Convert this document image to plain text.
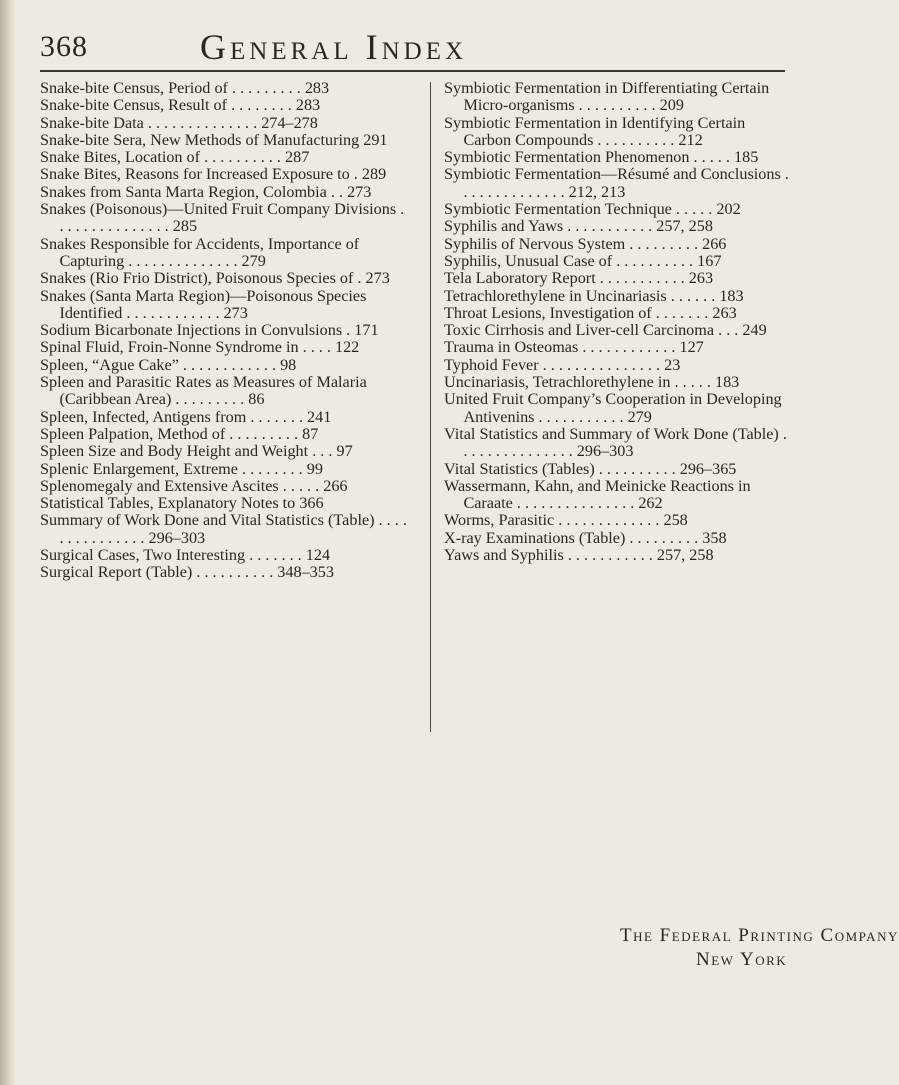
368	General Index

Snake-bite Census, Period of . . . . . . . . . 283

Snake-bite Census, Result of . . . . . . . . 283

Snake-bite Data . . . . . . . . . . . . . . 274–278

Snake-bite Sera, New Methods of Manufacturing 291

Snake Bites, Location of . . . . . . . . . . 287

Snake Bites, Reasons for Increased Exposure to . 289

Snakes from Santa Marta Region, Colombia . . 273

Snakes (Poisonous)—United Fruit Company Divisions . . . . . . . . . . . . . . . 285

Snakes Responsible for Accidents, Importance of Capturing . . . . . . . . . . . . . . 279

Snakes (Rio Frio District), Poisonous Species of . 273

Snakes (Santa Marta Region)—Poisonous Species Identified . . . . . . . . . . . . 273

Sodium Bicarbonate Injections in Convulsions . 171

Spinal Fluid, Froin-Nonne Syndrome in . . . . 122

Spleen, “Ague Cake” . . . . . . . . . . . . 98

Spleen and Parasitic Rates as Measures of Malaria (Caribbean Area) . . . . . . . . . 86

Spleen, Infected, Antigens from . . . . . . . 241

Spleen Palpation, Method of . . . . . . . . . 87

Spleen Size and Body Height and Weight . . . 97

Splenic Enlargement, Extreme . . . . . . . . 99

Splenomegaly and Extensive Ascites . . . . . 266

Statistical Tables, Explanatory Notes to 366

Summary of Work Done and Vital Statistics (Table) . . . . . . . . . . . . . . . 296–303

Surgical Cases, Two Interesting . . . . . . . 124

Surgical Report (Table) . . . . . . . . . . 348–353

Symbiotic Fermentation in Differentiating Certain Micro-organisms . . . . . . . . . . 209

Symbiotic Fermentation in Identifying Certain Carbon Compounds . . . . . . . . . . 212

Symbiotic Fermentation Phenomenon . . . . . 185

Symbiotic Fermentation—Résumé and Conclusions . . . . . . . . . . . . . . 212, 213

Symbiotic Fermentation Technique . . . . . 202

Syphilis and Yaws . . . . . . . . . . . 257, 258

Syphilis of Nervous System . . . . . . . . . 266

Syphilis, Unusual Case of . . . . . . . . . . 167

Tela Laboratory Report . . . . . . . . . . . 263

Tetrachlorethylene in Uncinariasis . . . . . . 183

Throat Lesions, Investigation of . . . . . . . 263

Toxic Cirrhosis and Liver-cell Carcinoma . . . 249

Trauma in Osteomas . . . . . . . . . . . . 127

Typhoid Fever . . . . . . . . . . . . . . . 23

Uncinariasis, Tetrachlorethylene in . . . . . 183

United Fruit Company’s Cooperation in Developing Antivenins . . . . . . . . . . . 279

Vital Statistics and Summary of Work Done (Table) . . . . . . . . . . . . . . . 296–303

Vital Statistics (Tables) . . . . . . . . . . 296–365

Wassermann, Kahn, and Meinicke Reactions in Caraate . . . . . . . . . . . . . . . 262

Worms, Parasitic . . . . . . . . . . . . . 258

X-ray Examinations (Table) . . . . . . . . . 358

Yaws and Syphilis . . . . . . . . . . . 257, 258

The Federal Printing Company
New York
